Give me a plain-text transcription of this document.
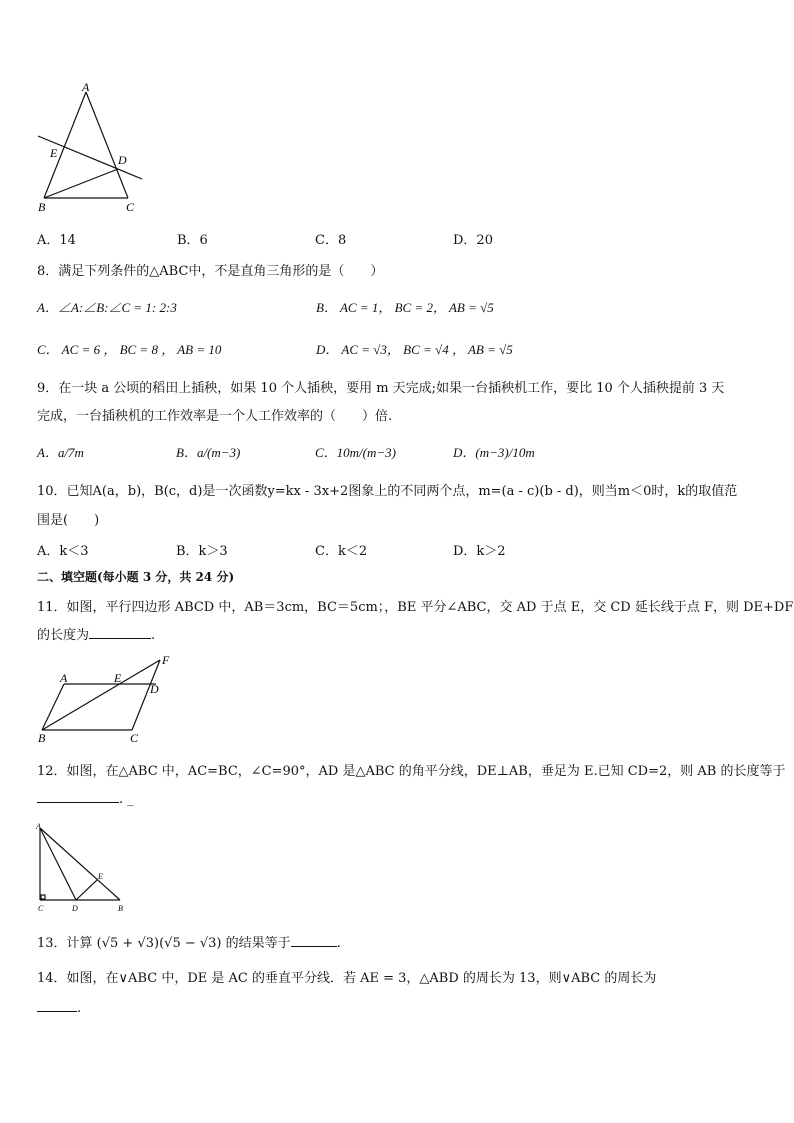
A
E	D
B	C
A．14	B．6	C．8	D．20
8．满足下列条件的△ABC中，不是直角三角形的是（　　）
A．∠A:∠B:∠C = 1: 2:3	B． AC = 1， BC = 2， AB = √5
C． AC = 6 ， BC = 8 ， AB = 10	D． AC = √3， BC = √4 ， AB = √5
9．在一块 a 公顷的稻田上插秧，如果 10 个人插秧，要用 m 天完成;如果一台插秧机工作，要比 10 个人插秧提前 3 天
完成，一台插秧机的工作效率是一个人工作效率的（　　）倍.
A．a/7m	B．a/(m−3)	C．10m/(m−3)	D．(m−3)/10m
10．已知A(a，b)，B(c，d)是一次函数y=kx - 3x+2图象上的不同两个点，m=(a - c)(b - d)，则当m＜0时，k的取值范
围是(　　)
A．k＜3	B．k＞3	C．k＜2	D．k＞2
二、填空题(每小题 3 分，共 24 分)
11．如图，平行四边形 ABCD 中，AB＝3cm，BC＝5cm；，BE 平分∠ABC，交 AD 于点 E，交 CD 延长线于点 F，则 DE+DF
的长度为	.
A	E
D
F
B	C
12．如图，在△ABC 中，AC=BC，∠C=90°，AD 是△ABC 的角平分线，DE⊥AB，垂足为 E.已知 CD=2，则 AB 的长度等于
. _
A
E
C	D	B
13．计算 (√5 + √3)(√5 − √3) 的结果等于	.
14．如图，在∨ABC 中，DE 是 AC 的垂直平分线．若 AE = 3，△ABD 的周长为 13，则∨ABC 的周长为
.
